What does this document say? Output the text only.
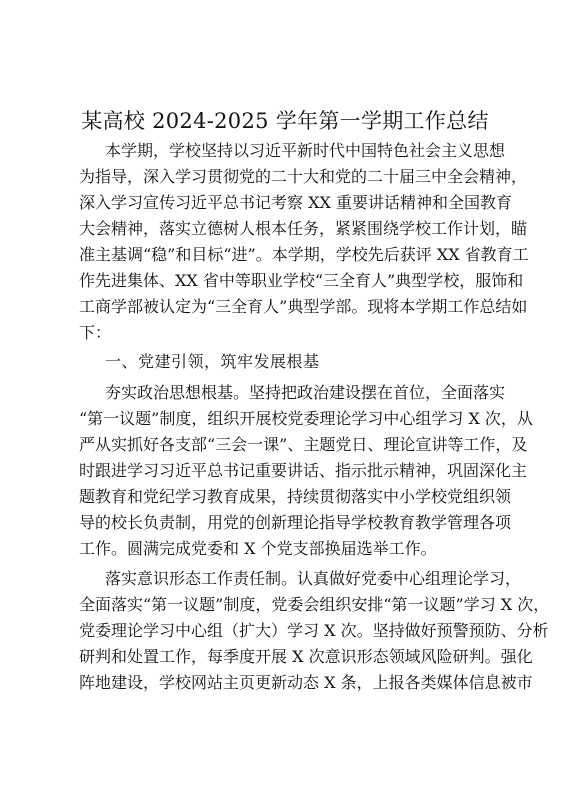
某高校 2024-2025 学年第一学期工作总结
本学期，学校坚持以习近平新时代中国特色社会主义思想
为指导，深入学习贯彻党的二十大和党的二十届三中全会精神，
深入学习宣传习近平总书记考察 XX 重要讲话精神和全国教育
大会精神，落实立德树人根本任务，紧紧围绕学校工作计划，瞄
准主基调“稳”和目标“进”。本学期，学校先后获评 XX 省教育工
作先进集体、XX 省中等职业学校“三全育人”典型学校，服饰和
工商学部被认定为“三全育人”典型学部。现将本学期工作总结如
下：
一、党建引领，筑牢发展根基
夯实政治思想根基。坚持把政治建设摆在首位，全面落实
“第一议题”制度，组织开展校党委理论学习中心组学习 X 次，从
严从实抓好各支部“三会一课”、主题党日、理论宣讲等工作，及
时跟进学习习近平总书记重要讲话、指示批示精神，巩固深化主
题教育和党纪学习教育成果，持续贯彻落实中小学校党组织领
导的校长负责制，用党的创新理论指导学校教育教学管理各项
工作。圆满完成党委和 X 个党支部换届选举工作。
落实意识形态工作责任制。认真做好党委中心组理论学习，
全面落实“第一议题”制度，党委会组织安排“第一议题”学习 X 次，
党委理论学习中心组（扩大）学习 X 次。坚持做好预警预防、分析
研判和处置工作，每季度开展 X 次意识形态领域风险研判。强化
阵地建设，学校网站主页更新动态 X 条，上报各类媒体信息被市
